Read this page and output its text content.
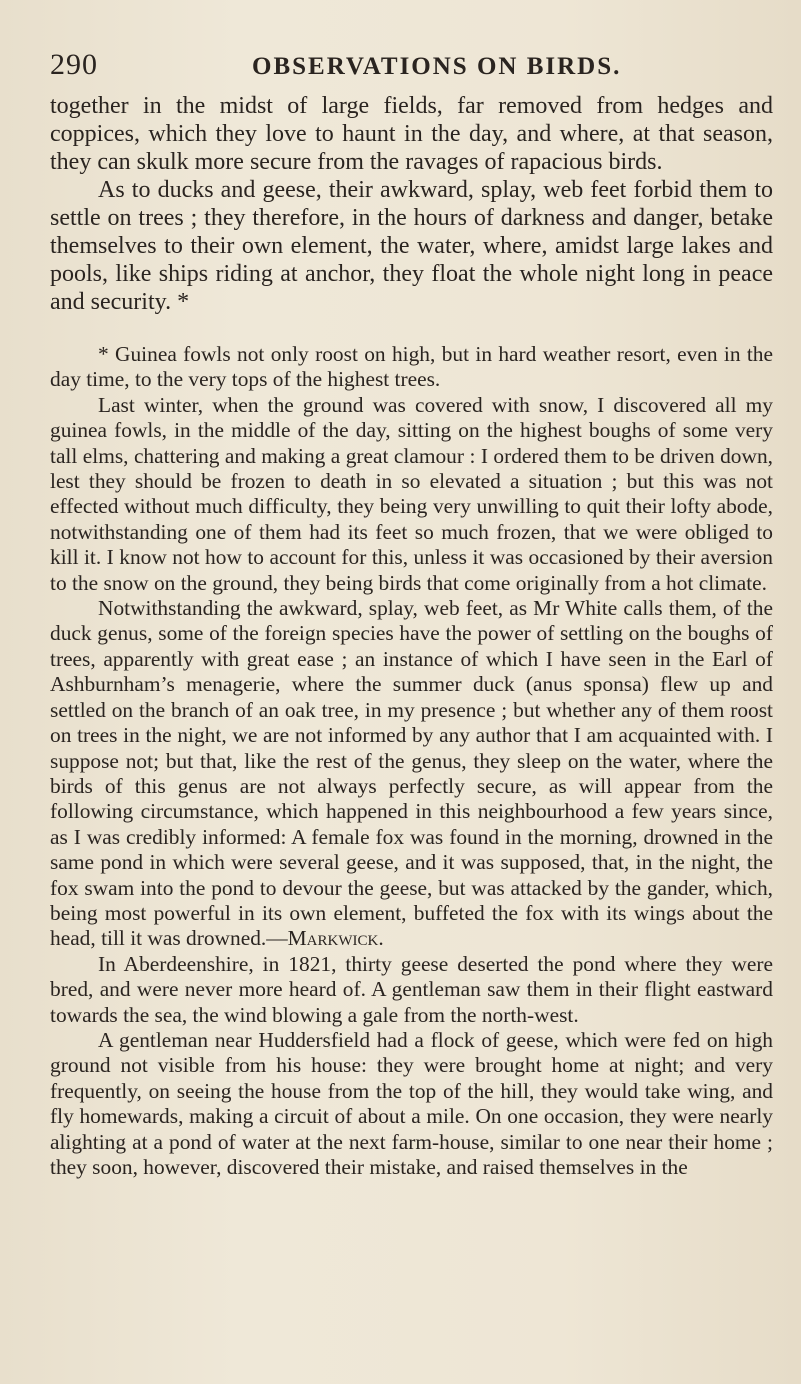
290	OBSERVATIONS ON BIRDS.

together in the midst of large fields, far removed from hedges and coppices, which they love to haunt in the day, and where, at that season, they can skulk more secure from the ravages of rapacious birds.

As to ducks and geese, their awkward, splay, web feet forbid them to settle on trees ; they therefore, in the hours of darkness and danger, betake themselves to their own element, the water, where, amidst large lakes and pools, like ships riding at anchor, they float the whole night long in peace and security. *

* Guinea fowls not only roost on high, but in hard weather resort, even in the day time, to the very tops of the highest trees.

Last winter, when the ground was covered with snow, I discovered all my guinea fowls, in the middle of the day, sitting on the highest boughs of some very tall elms, chattering and making a great clamour : I ordered them to be driven down, lest they should be frozen to death in so elevated a situation ; but this was not effected without much difficulty, they being very unwilling to quit their lofty abode, notwithstanding one of them had its feet so much frozen, that we were obliged to kill it. I know not how to account for this, unless it was occasioned by their aversion to the snow on the ground, they being birds that come originally from a hot climate.

Notwithstanding the awkward, splay, web feet, as Mr White calls them, of the duck genus, some of the foreign species have the power of settling on the boughs of trees, apparently with great ease ; an instance of which I have seen in the Earl of Ashburnham’s menagerie, where the summer duck (anus sponsa) flew up and settled on the branch of an oak tree, in my presence ; but whether any of them roost on trees in the night, we are not informed by any author that I am acquainted with. I suppose not; but that, like the rest of the genus, they sleep on the water, where the birds of this genus are not always perfectly secure, as will appear from the following circumstance, which happened in this neighbourhood a few years since, as I was credibly informed: A female fox was found in the morning, drowned in the same pond in which were several geese, and it was supposed, that, in the night, the fox swam into the pond to devour the geese, but was attacked by the gander, which, being most powerful in its own element, buffeted the fox with its wings about the head, till it was drowned.—Markwick.

In Aberdeenshire, in 1821, thirty geese deserted the pond where they were bred, and were never more heard of. A gentleman saw them in their flight eastward towards the sea, the wind blowing a gale from the north-west.

A gentleman near Huddersfield had a flock of geese, which were fed on high ground not visible from his house: they were brought home at night; and very frequently, on seeing the house from the top of the hill, they would take wing, and fly homewards, making a circuit of about a mile. On one occasion, they were nearly alighting at a pond of water at the next farm-house, similar to one near their home ; they soon, however, discovered their mistake, and raised themselves in the
